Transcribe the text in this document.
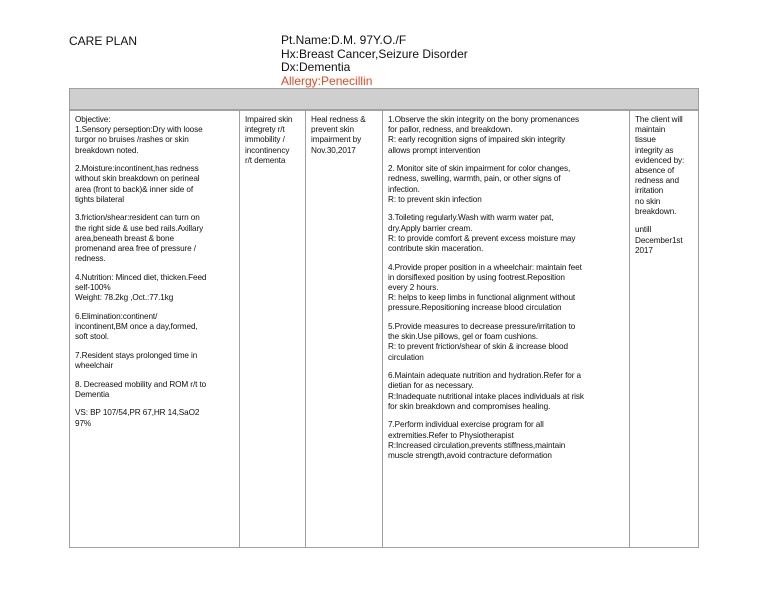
CARE PLAN	Pt.Name:D.M. 97Y.O./F
Hx:Breast Cancer,Seizure Disorder
Dx:Dementia
Allergy:Penecillin
Objective:
1.Sensory perseption:Dry with loose
turgor no bruises /rashes or skin
breakdown noted.
2.Moisture:incontinent,has redness
without skin breakdown on perineal
area (front to back)& inner side of
tights bilateral
3.friction/shear:resident can turn on
the right side & use bed rails.Axillary
area,beneath breast & bone
promenand area free of pressure /
redness.
4.Nutrition: Minced diet, thicken.Feed
self-100%
Weight: 78.2kg ,Oct.:77.1kg
6.Elimination:continent/
incontinent,BM once a day,formed,
soft stool.
7.Resident stays prolonged time in
wheelchair
8. Decreased mobility and ROM r/t to
Dementia
VS: BP 107/54,PR 67,HR 14,SaO2
97%
Impaired skin
integrety r/t
immobility /
incontinency
r/t dementa
Heal redness &
prevent skin
impairment by
Nov.30,2017
1.Observe the skin integrity on the bony promenances
for pallor, redness, and breakdown.
R: early recognition signs of impaired skin integrity
allows prompt intervention
2. Monitor site of skin impairment for color changes,
redness, swelling, warmth, pain, or other signs of
infection.
R: to prevent skin infection
3.Toileting regularly.Wash with warm water pat,
dry.Apply barrier cream.
R: to provide comfort & prevent excess moisture may
contribute skin maceration.
4.Provide proper position in a wheelchair: maintain feet
in dorsiflexed position by using footrest.Reposition
every 2 hours.
R: helps to keep limbs in functional alignment without
pressure.Repositioning increase blood circulation
5.Provide measures to decrease pressure/irritation to
the skin.Use pillows, gel or foam cushions.
R: to prevent friction/shear of skin & increase blood
circulation
6.Maintain adequate nutrition and hydration.Refer for a
dietian for as necessary.
R:Inadequate nutritional intake places individuals at risk
for skin breakdown and compromises healing.
7.Perform individual exercise program for all
extremities.Refer to Physiotherapist
R:Increased circulation,prevents stiffness,maintain
muscle strength,avoid contracture deformation
The client will
maintain
tissue
integrity as
evidenced by:
absence of
redness and
irritation
no skin
breakdown.
untill
December1st
2017
